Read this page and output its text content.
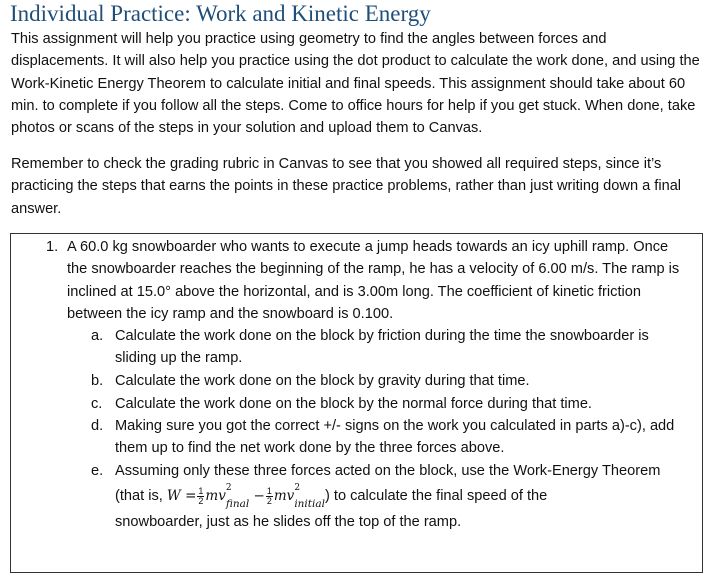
Individual Practice: Work and Kinetic Energy

This assignment will help you practice using geometry to find the angles between forces and displacements. It will also help you practice using the dot product to calculate the work done, and using the Work-Kinetic Energy Theorem to calculate initial and final speeds. This assignment should take about 60 min. to complete if you follow all the steps. Come to office hours for help if you get stuck. When done, take photos or scans of the steps in your solution and upload them to Canvas.

Remember to check the grading rubric in Canvas to see that you showed all required steps, since it’s practicing the steps that earns the points in these practice problems, rather than just writing down a final answer.

1. A 60.0 kg snowboarder who wants to execute a jump heads towards an icy uphill ramp. Once the snowboarder reaches the beginning of the ramp, he has a velocity of 6.00 m/s. The ramp is inclined at 15.0° above the horizontal, and is 3.00m long. The coefficient of kinetic friction between the icy ramp and the snowboard is 0.100.
a. Calculate the work done on the block by friction during the time the snowboarder is sliding up the ramp.
b. Calculate the work done on the block by gravity during that time.
c. Calculate the work done on the block by the normal force during that time.
d. Making sure you got the correct +/- signs on the work you calculated in parts a)-c), add them up to find the net work done by the three forces above.
e. Assuming only these three forces acted on the block, use the Work-Energy Theorem
(that is, $W = \frac{1}{2}$ mv 2
$_{final} - \frac{1}{2}$ mv 2
$_{initial}$) to calculate the final speed of the
snowboarder, just as he slides off the top of the ramp.
